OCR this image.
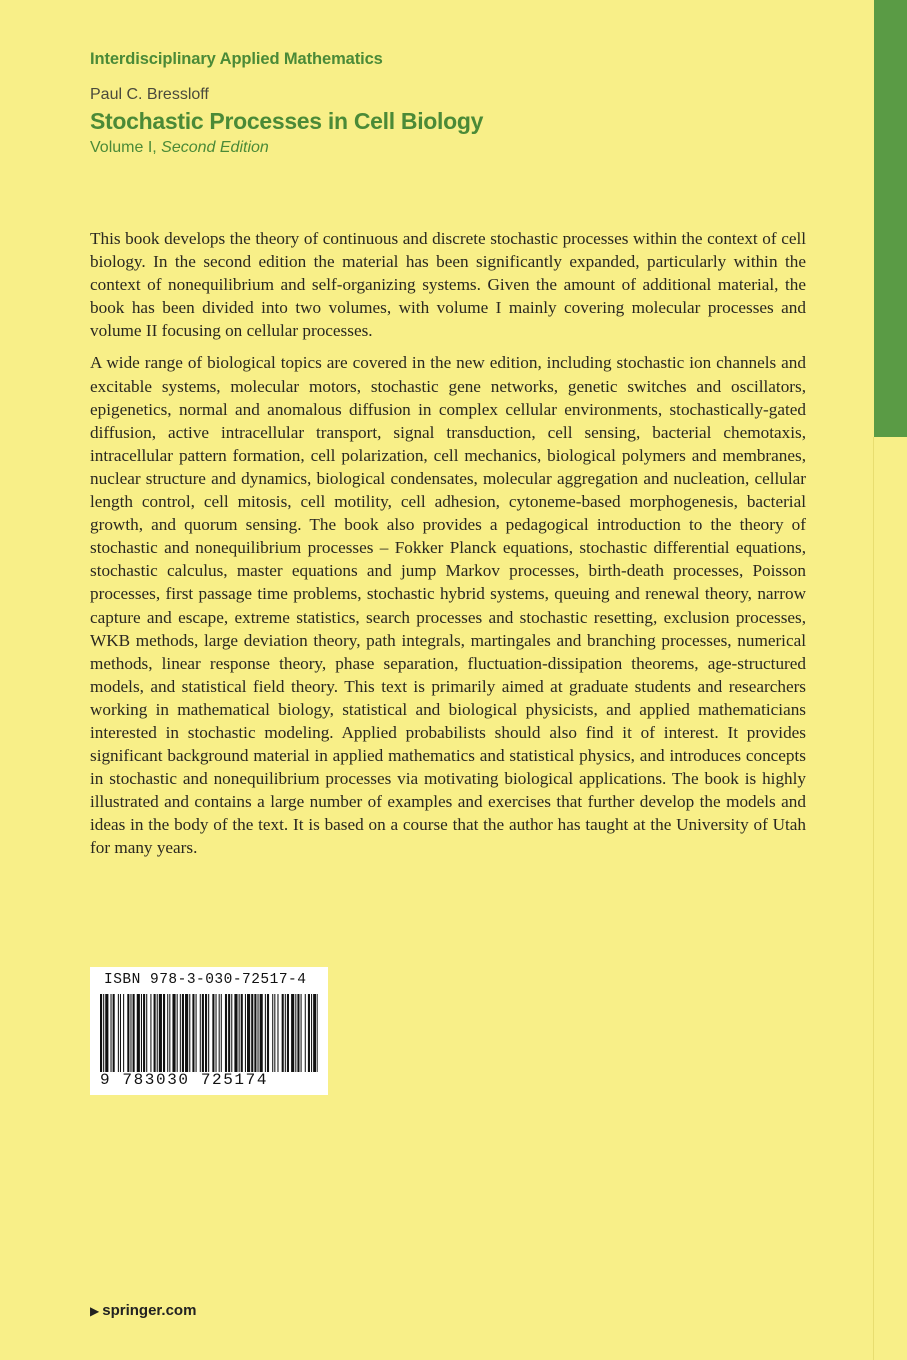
Interdisciplinary Applied Mathematics
Paul C. Bressloff
Stochastic Processes in Cell Biology
Volume I, Second Edition

This book develops the theory of continuous and discrete stochastic processes within the context of cell biology. In the second edition the material has been significantly expanded, particularly within the context of nonequilibrium and self-organizing systems. Given the amount of additional material, the book has been divided into two volumes, with volume I mainly covering molecular processes and volume II focusing on cellular processes.

A wide range of biological topics are covered in the new edition, including stochastic ion channels and excitable systems, molecular motors, stochastic gene networks, genetic switches and oscillators, epigenetics, normal and anomalous diffusion in complex cellular environments, stochastically-gated diffusion, active intracellular transport, signal transduction, cell sensing, bacterial chemotaxis, intracellular pattern formation, cell polarization, cell mechanics, biological polymers and membranes, nuclear structure and dynamics, biological condensates, molecular aggregation and nucleation, cellular length control, cell mitosis, cell motility, cell adhesion, cytoneme-based morphogenesis, bacterial growth, and quorum sensing. The book also provides a pedagogical introduction to the theory of stochastic and nonequilibrium processes – Fokker Planck equations, stochastic differential equations, stochastic calculus, master equations and jump Markov processes, birth-death processes, Poisson processes, first passage time problems, stochastic hybrid systems, queuing and renewal theory, narrow capture and escape, extreme statistics, search processes and stochastic resetting, exclusion processes, WKB methods, large deviation theory, path integrals, martingales and branching processes, numerical methods, linear response theory, phase separation, fluctuation-dissipation theorems, age-structured models, and statistical field theory. This text is primarily aimed at graduate students and researchers working in mathematical biology, statistical and biological physicists, and applied mathematicians interested in stochastic modeling. Applied probabilists should also find it of interest. It provides significant background material in applied mathematics and statistical physics, and introduces concepts in stochastic and nonequilibrium processes via motivating biological applications. The book is highly illustrated and contains a large number of examples and exercises that further develop the models and ideas in the body of the text. It is based on a course that the author has taught at the University of Utah for many years.

ISBN 978-3-030-72517-4
9 783030 725174
▶ springer.com
